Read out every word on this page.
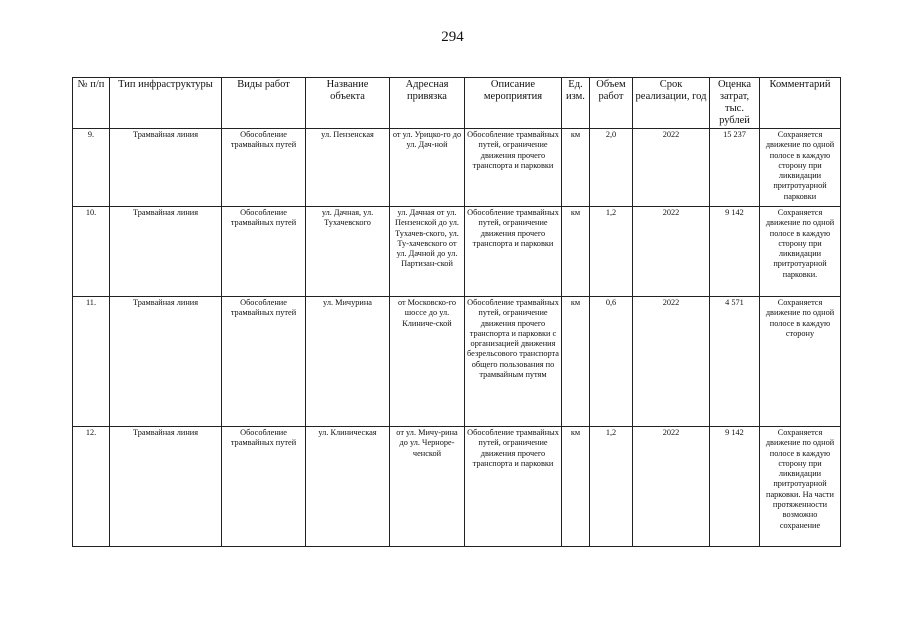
294
№ п/п	Тип инфраструктуры	Виды работ	Название объекта	Адресная привязка	Описание мероприятия	Ед. изм.	Объем работ	Срок реализации, год	Оценка затрат, тыс. рублей	Комментарий
9.	Трамвайная линия	Обособление трамвайных путей	ул. Пензенская	от ул. Урицко-го до ул. Дач-ной	Обособление трамвайных путей, ограничение движения прочего транспорта и парковки	км	2,0	2022	15 237	Сохраняется движение по одной полосе в каждую сторону при ликвидации притротуарной парковки
10.	Трамвайная линия	Обособление трамвайных путей	ул. Дачная, ул. Тухачевского	ул. Дачная от ул. Пензенской до ул. Тухачев-ского, ул. Ту-хачевского от ул. Дачной до ул. Партизан-ской	Обособление трамвайных путей, ограничение движения прочего транспорта и парковки	км	1,2	2022	9 142	Сохраняется движение по одной полосе в каждую сторону при ликвидации притротуарной парковки.
11.	Трамвайная линия	Обособление трамвайных путей	ул. Мичурина	от Московско-го шоссе до ул. Клиниче-ской	Обособление трамвайных путей, ограничение движения прочего транспорта и парковки с организацией движения безрельсового транспорта общего пользования по трамвайным путям	км	0,6	2022	4 571	Сохраняется движение по одной полосе в каждую сторону
12.	Трамвайная линия	Обособление трамвайных путей	ул. Клиническая	от ул. Мичу-рина до ул. Черноре-ченской	Обособление трамвайных путей, ограничение движения прочего транспорта и парковки	км	1,2	2022	9 142	Сохраняется движение по одной полосе в каждую сторону при ликвидации притротуарной парковки. На части протяженности возможно сохранение
